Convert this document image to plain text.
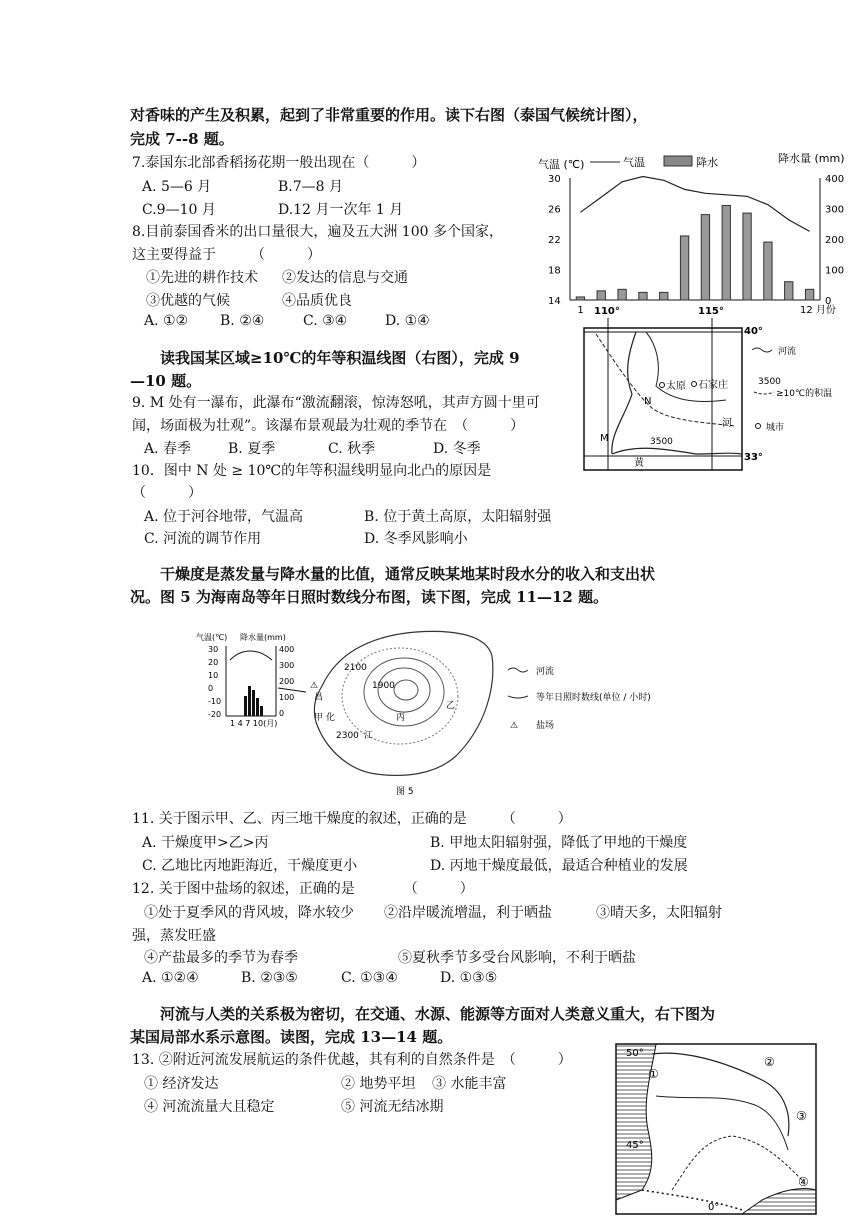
对香味的产生及积累，起到了非常重要的作用。读下右图（泰国气候统计图），
完成 7--8 题。
7.泰国东北部香稻扬花期一般出现在（　　　）
A. 5—6 月	B.7—8 月
C.9—10 月	D.12 月一次年 1 月
8.目前泰国香米的出口量很大，遍及五大洲 100 多个国家，
这主要得益于　　　（　　　）
①先进的耕作技术 ②发达的信息与交通
③优越的气候	④品质优良
A. ①② B. ②④	C. ③④	D. ①④
气温 (℃)	气温	降水	降水量 (mm)
30
26
22
18
14
400
300
200
100
0
1	12 月份
读我国某区域≥10℃的年等积温线图（右图），完成 9
—10 题。
9. M 处有一瀑布，此瀑布“激流翻滚，惊涛怒吼，其声方圆十里可
闻，场面极为壮观”。该瀑布景观最为壮观的季节在　（　　　）
A. 春季	B. 夏季	C. 秋季	D. 冬季
10．图中 N 处 ≥ 10℃的年等积温线明显向北凸的原因是
（　　　）
A. 位于河谷地带，气温高	B. 位于黄土高原，太阳辐射强
C. 河流的调节作用	D. 冬季风影响小
110°	115°
40°
33°
太原 石家庄
N
M	3500
河
黄
河流
3500
≥10℃的积温
城市
干燥度是蒸发量与降水量的比值，通常反映某地某时段水分的收入和支出状
况。图 5 为海南岛等年日照时数线分布图，读下图，完成 11—12 题。
气温(℃) 降水量(mm)
30
20
10
0
-10
-20
400
300
200
100
0
1 4 7 10(月)
2100
1900
2300
昌
甲 化
江
丙
乙
⚠
河流
等年日照时数线(单位 / 小时)
⚠ 盐场
图 5
11. 关于图示甲、乙、丙三地干燥度的叙述，正确的是　　　（　　　）
A. 干燥度甲>乙>丙	B. 甲地太阳辐射强，降低了甲地的干燥度
C. 乙地比丙地距海近，干燥度更小	D. 丙地干燥度最低，最适合种植业的发展
12. 关于图中盐场的叙述，正确的是　　　　（　　　）
①处于夏季风的背风坡，降水较少 ②沿岸暖流增温，利于晒盐	③晴天多，太阳辐射
强，蒸发旺盛
④产盐最多的季节为春季	⑤夏秋季节多受台风影响，不利于晒盐
A. ①②④	B. ②③⑤	C. ①③④	D. ①③⑤
河流与人类的关系极为密切，在交通、水源、能源等方面对人类意义重大，右下图为
某国局部水系示意图。读图，完成 13—14 题。
13. ②附近河流发展航运的条件优越，其有利的自然条件是　（　　　）
① 经济发达	② 地势平坦 ③ 水能丰富
④ 河流流量大且稳定	⑤ 河流无结冰期
50°
45°
0°
①
②
③
④
